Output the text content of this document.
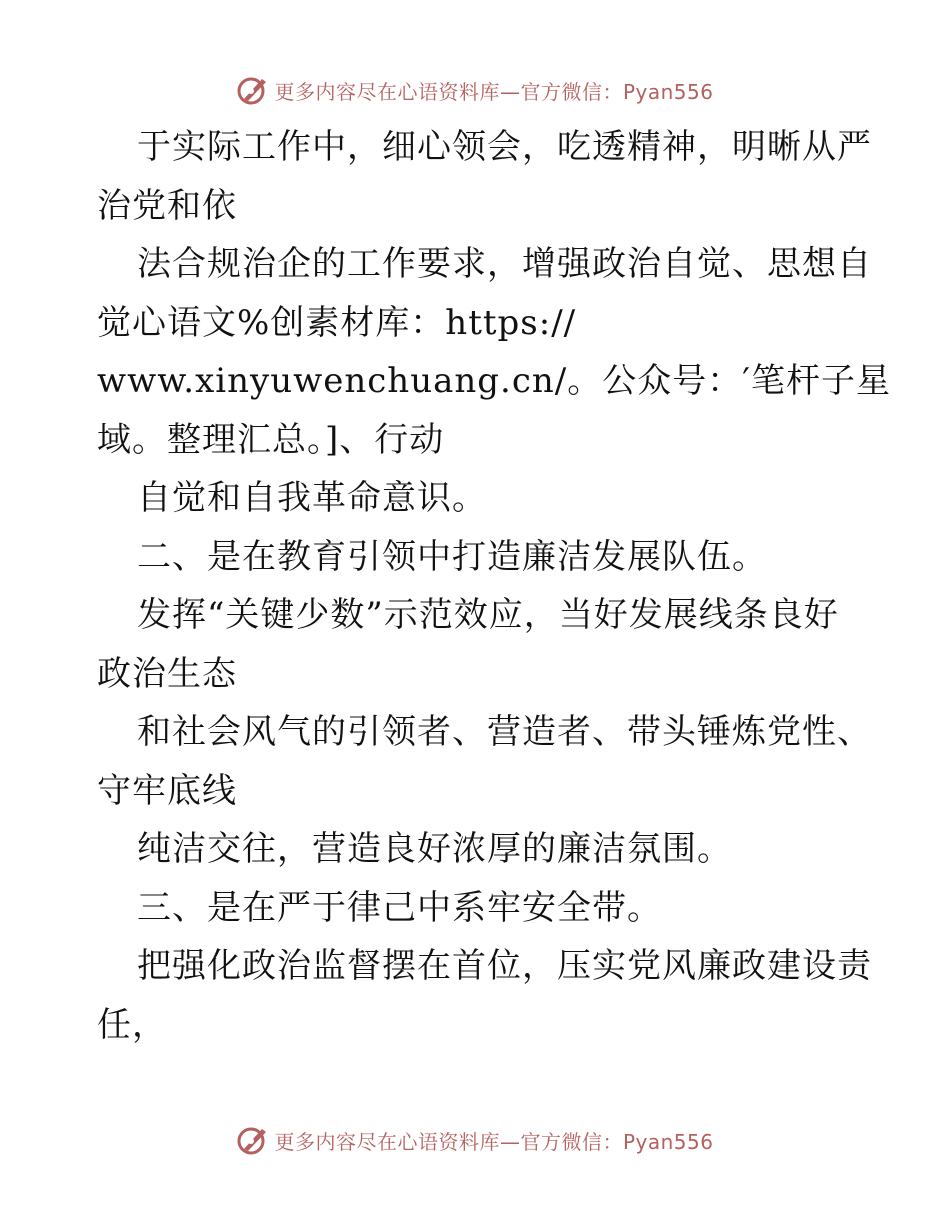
更多内容尽在心语资料库—官方微信：Pyan556
于实际工作中，细心领会，吃透精神，明晰从严
治党和依
法合规治企的工作要求，增强政治自觉、思想自
觉心语文%创素材库：https://
www.xinyuwenchuang.cn/。公众号：′笔杆子星
域。整理汇总。]、行动
自觉和自我革命意识。
二、是在教育引领中打造廉洁发展队伍。
发挥“关键少数”示范效应，当好发展线条良好
政治生态
和社会风气的引领者、营造者、带头锤炼党性、
守牢底线
纯洁交往，营造良好浓厚的廉洁氛围。
三、是在严于律己中系牢安全带。
把强化政治监督摆在首位，压实党风廉政建设责
任，
更多内容尽在心语资料库—官方微信：Pyan556
